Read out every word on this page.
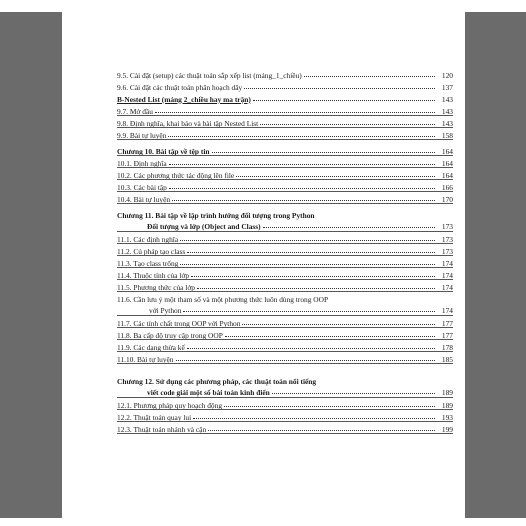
9.5. Cài đặt (setup) các thuật toán sắp xếp list (mảng_1_chiều)	120
9.6. Cài đặt các thuật toán phân hoạch dãy	137
B-Nested List (mảng 2_chiều hay ma trận)	143
9.7. Mở đầu	143
9.8. Định nghĩa, khai báo và bài tập Nested List	143
9.9. Bài tự luyện	158
Chương 10. Bài tập về tệp tin	164
10.1. Định nghĩa	164
10.2. Các phương thức tác động lên file	164
10.3. Các bài tập	166
10.4. Bài tự luyện	170
Chương 11. Bài tập về lập trình hướng đối tượng trong Python
Đối tượng và lớp (Object and Class)	173
11.1. Các định nghĩa	173
11.2. Cú pháp tạo class	173
11.3. Tạo class trống	174
11.4. Thuộc tính của lớp	174
11.5. Phương thức của lớp	174
11.6. Cần lưu ý một tham số và một phương thức luôn dùng trong OOP
với Python	174
11.7. Các tính chất trong OOP với Python	177
11.8. Ba cấp độ truy cập trong OOP	177
11.9. Các dạng thừa kế	178
11.10. Bài tự luyện	185
Chương 12. Sử dụng các phương pháp, các thuật toán nổi tiếng
viết code giải một số bài toán kinh điển	189
12.1. Phương pháp quy hoạch động	189
12.2. Thuật toán quay lui	193
12.3. Thuật toán nhánh và cận	199
